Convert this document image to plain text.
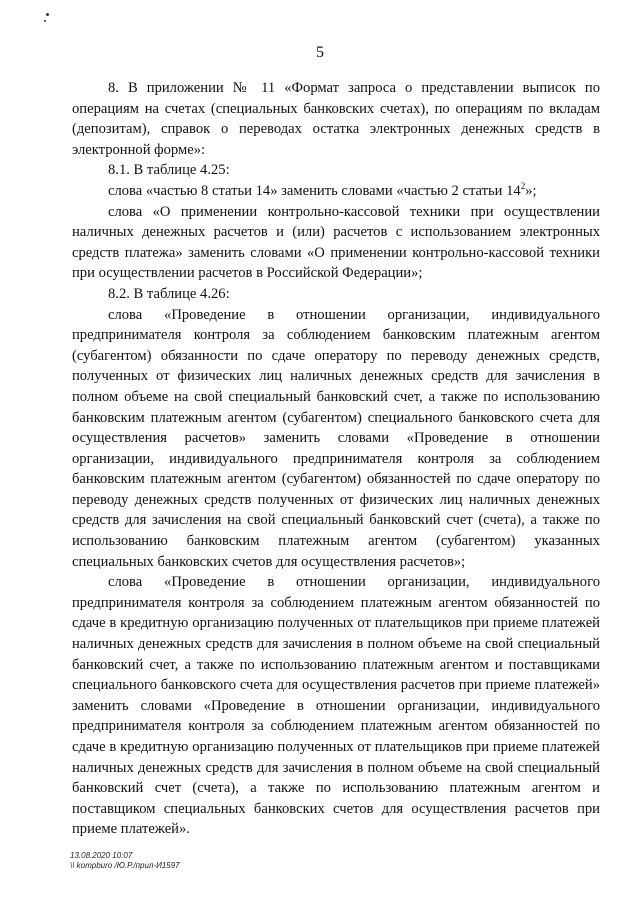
5

8. В приложении № 11 «Формат запроса о представлении выписок по операциям на счетах (специальных банковских счетах), по операциям по вкладам (депозитам), справок о переводах остатка электронных денежных средств в электронной форме»:

8.1. В таблице 4.25:

слова «частью 8 статьи 14» заменить словами «частью 2 статьи $14^2$»;

слова «О применении контрольно-кассовой техники при осуществлении наличных денежных расчетов и (или) расчетов с использованием электронных средств платежа» заменить словами «О применении контрольно-кассовой техники при осуществлении расчетов в Российской Федерации»;

8.2. В таблице 4.26:

слова «Проведение в отношении организации, индивидуального предпринимателя контроля за соблюдением банковским платежным агентом (субагентом) обязанности по сдаче оператору по переводу денежных средств, полученных от физических лиц наличных денежных средств для зачисления в полном объеме на свой специальный банковский счет, а также по использованию банковским платежным агентом (субагентом) специального банковского счета для осуществления расчетов» заменить словами «Проведение в отношении организации, индивидуального предпринимателя контроля за соблюдением банковским платежным агентом (субагентом) обязанностей по сдаче оператору по переводу денежных средств полученных от физических лиц наличных денежных средств для зачисления на свой специальный банковский счет (счета), а также по использованию банковским платежным агентом (субагентом) указанных специальных банковских счетов для осуществления расчетов»;

слова «Проведение в отношении организации, индивидуального предпринимателя контроля за соблюдением платежным агентом обязанностей по сдаче в кредитную организацию полученных от плательщиков при приеме платежей наличных денежных средств для зачисления в полном объеме на свой специальный банковский счет, а также по использованию платежным агентом и поставщиками специального банковского счета для осуществления расчетов при приеме платежей» заменить словами «Проведение в отношении организации, индивидуального предпринимателя контроля за соблюдением платежным агентом обязанностей по сдаче в кредитную организацию полученных от плательщиков при приеме платежей наличных денежных средств для зачисления в полном объеме на свой специальный банковский счет (счета), а также по использованию платежным агентом и поставщиком специальных банковских счетов для осуществления расчетов при приеме платежей».

13.08.2020 10:07
\\ kompburo /Ю.Р./прил-И1597
